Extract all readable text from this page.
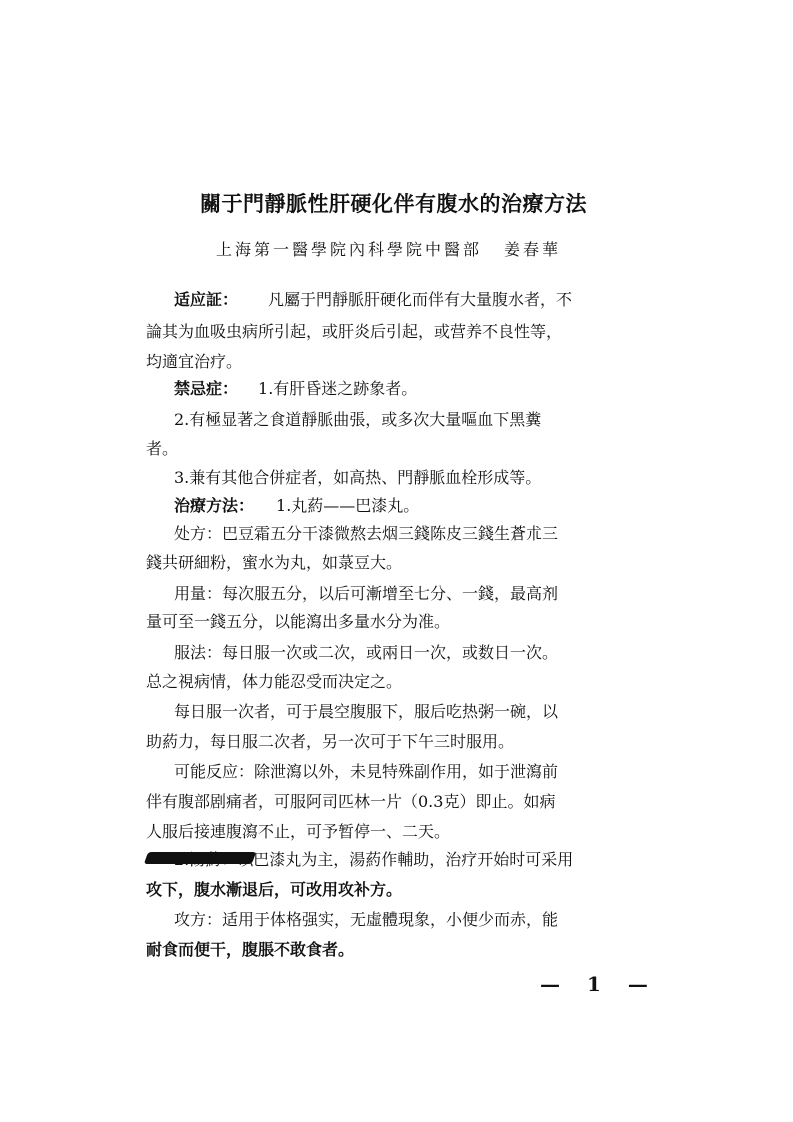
關于門靜脈性肝硬化伴有腹水的治療方法
上海第一醫學院內科學院中醫部 姜春華
适应証： 凡屬于門靜脈肝硬化而伴有大量腹水者，不
論其为血吸虫病所引起，或肝炎后引起，或营养不良性等，
均適宜治疗。
禁忌症： 1.有肝昏迷之跡象者。
2.有極显著之食道靜脈曲張，或多次大量嘔血下黑糞
者。
3.兼有其他合併症者，如高热、門靜脈血栓形成等。
治療方法： 1.丸葯——巴漆丸。
处方：巴豆霜五分干漆微熬去烟三錢陈皮三錢生蒼朮三
錢共研細粉，蜜水为丸，如菉豆大。
用量：每次服五分，以后可漸增至七分、一錢，最高剂
量可至一錢五分，以能瀉出多量水分为准。
服法：每日服一次或二次，或兩日一次，或数日一次。
总之視病情，体力能忍受而决定之。
每日服一次者，可于晨空腹服下，服后吃热粥一碗，以
助葯力，每日服二次者，另一次可于下午三时服用。
可能反应：除泄瀉以外，未見特殊副作用，如于泄瀉前
伴有腹部剧痛者，可服阿司匹林一片（0.3克）即止。如病
人服后接連腹瀉不止，可予暂停一、二天。
2.湯葯：以巴漆丸为主，湯葯作輔助，治疗开始时可采用
攻下，腹水漸退后，可改用攻补方。
攻方：适用于体格强实，无虛體現象，小便少而赤，能
耐食而便干，腹脹不敢食者。
— 1 —
